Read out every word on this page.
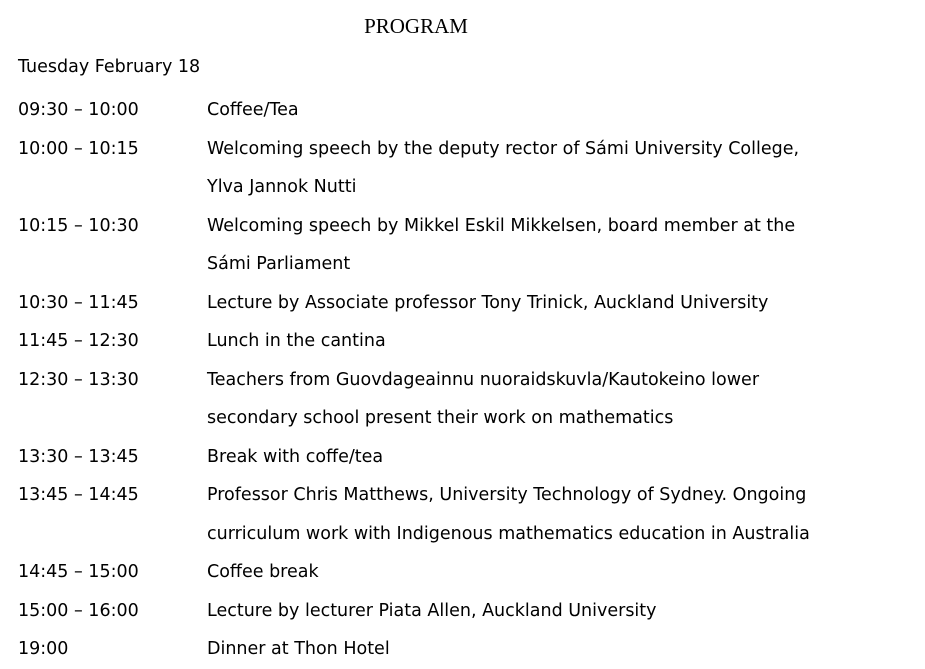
PROGRAM
Tuesday February 18
09:30 – 10:00	Coffee/Tea
10:00 – 10:15	Welcoming speech by the deputy rector of Sámi University College,
Ylva Jannok Nutti
10:15 – 10:30	Welcoming speech by Mikkel Eskil Mikkelsen, board member at the
Sámi Parliament
10:30 – 11:45	Lecture by Associate professor Tony Trinick, Auckland University
11:45 – 12:30	Lunch in the cantina
12:30 – 13:30	Teachers from Guovdageainnu nuoraidskuvla/Kautokeino lower
secondary school present their work on mathematics
13:30 – 13:45	Break with coffe/tea
13:45 – 14:45	Professor Chris Matthews, University Technology of Sydney. Ongoing
curriculum work with Indigenous mathematics education in Australia
14:45 – 15:00	Coffee break
15:00 – 16:00	Lecture by lecturer Piata Allen, Auckland University
19:00	Dinner at Thon Hotel
